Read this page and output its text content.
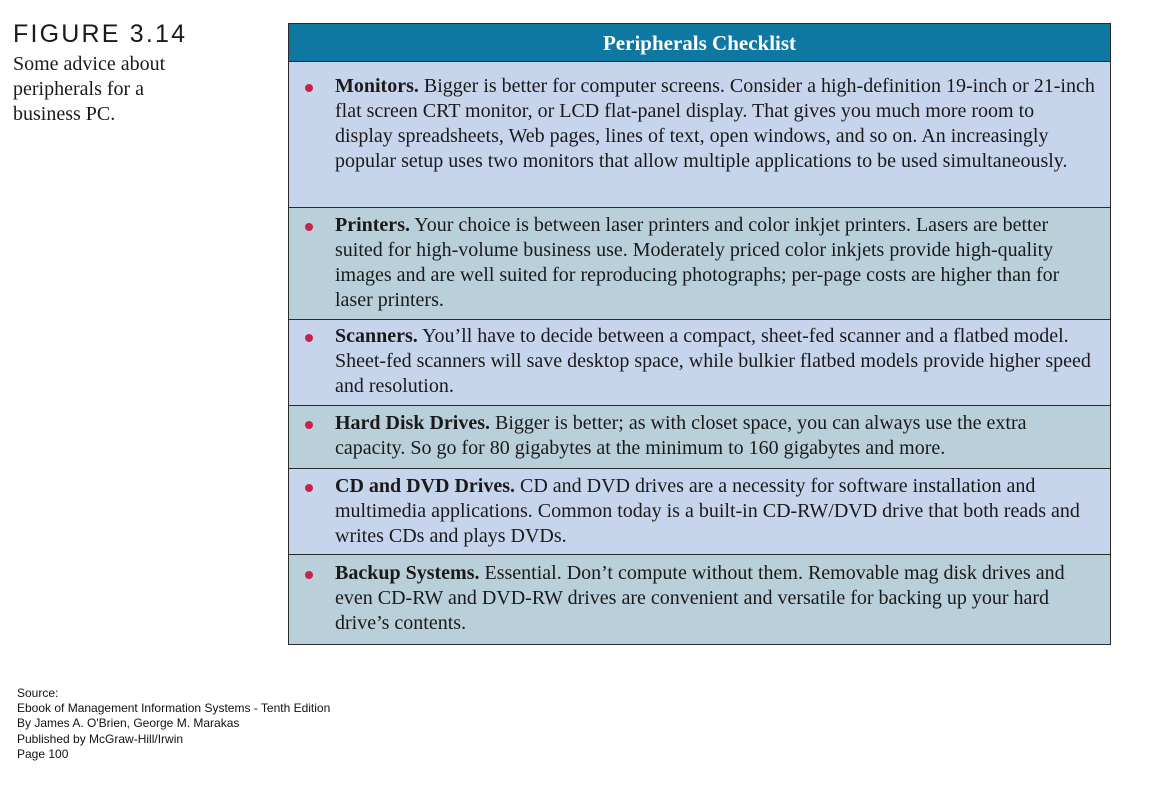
FIGURE 3.14
Some advice about peripherals for a business PC.
Peripherals Checklist
Monitors. Bigger is better for computer screens. Consider a high-definition 19-inch or 21-inch flat screen CRT monitor, or LCD flat-panel display. That gives you much more room to display spreadsheets, Web pages, lines of text, open windows, and so on. An increasingly popular setup uses two monitors that allow multiple applications to be used simultaneously.
Printers. Your choice is between laser printers and color inkjet printers. Lasers are better suited for high-volume business use. Moderately priced color inkjets provide high-quality images and are well suited for reproducing photographs; per-page costs are higher than for laser printers.
Scanners. You’ll have to decide between a compact, sheet-fed scanner and a flatbed model. Sheet-fed scanners will save desktop space, while bulkier flatbed models provide higher speed and resolution.
Hard Disk Drives. Bigger is better; as with closet space, you can always use the extra capacity. So go for 80 gigabytes at the minimum to 160 gigabytes and more.
CD and DVD Drives. CD and DVD drives are a necessity for software installation and multimedia applications. Common today is a built-in CD-RW/DVD drive that both reads and writes CDs and plays DVDs.
Backup Systems. Essential. Don’t compute without them. Removable mag disk drives and even CD-RW and DVD-RW drives are convenient and versatile for backing up your hard drive’s contents.
Source:
Ebook of Management Information Systems - Tenth Edition
By James A. O'Brien, George M. Marakas
Published by McGraw-Hill/Irwin
Page 100
